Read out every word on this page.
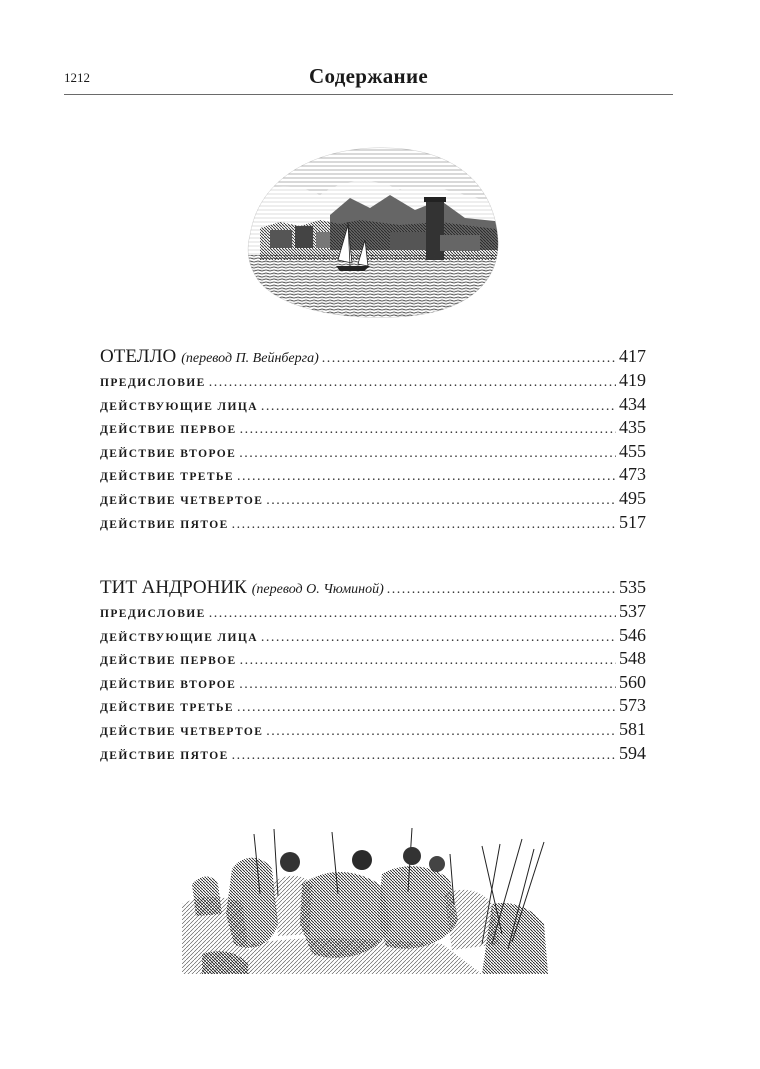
1212	Содержание
ОТЕЛЛО (перевод П. Вейнберга) . . .	417
ПРЕДИСЛОВИЕ . . .	419
ДЕЙСТВУЮЩИЕ ЛИЦА . . .	434
ДЕЙСТВИЕ ПЕРВОЕ . . .	435
ДЕЙСТВИЕ ВТОРОЕ . . .	455
ДЕЙСТВИЕ ТРЕТЬЕ . . .	473
ДЕЙСТВИЕ ЧЕТВЕРТОЕ . . .	495
ДЕЙСТВИЕ ПЯТОЕ . . .	517
ТИТ АНДРОНИК (перевод О. Чюминой) . . .	535
ПРЕДИСЛОВИЕ . . .	537
ДЕЙСТВУЮЩИЕ ЛИЦА . . .	546
ДЕЙСТВИЕ ПЕРВОЕ . . .	548
ДЕЙСТВИЕ ВТОРОЕ . . .	560
ДЕЙСТВИЕ ТРЕТЬЕ . . .	573
ДЕЙСТВИЕ ЧЕТВЕРТОЕ . . .	581
ДЕЙСТВИЕ ПЯТОЕ . . .	594
